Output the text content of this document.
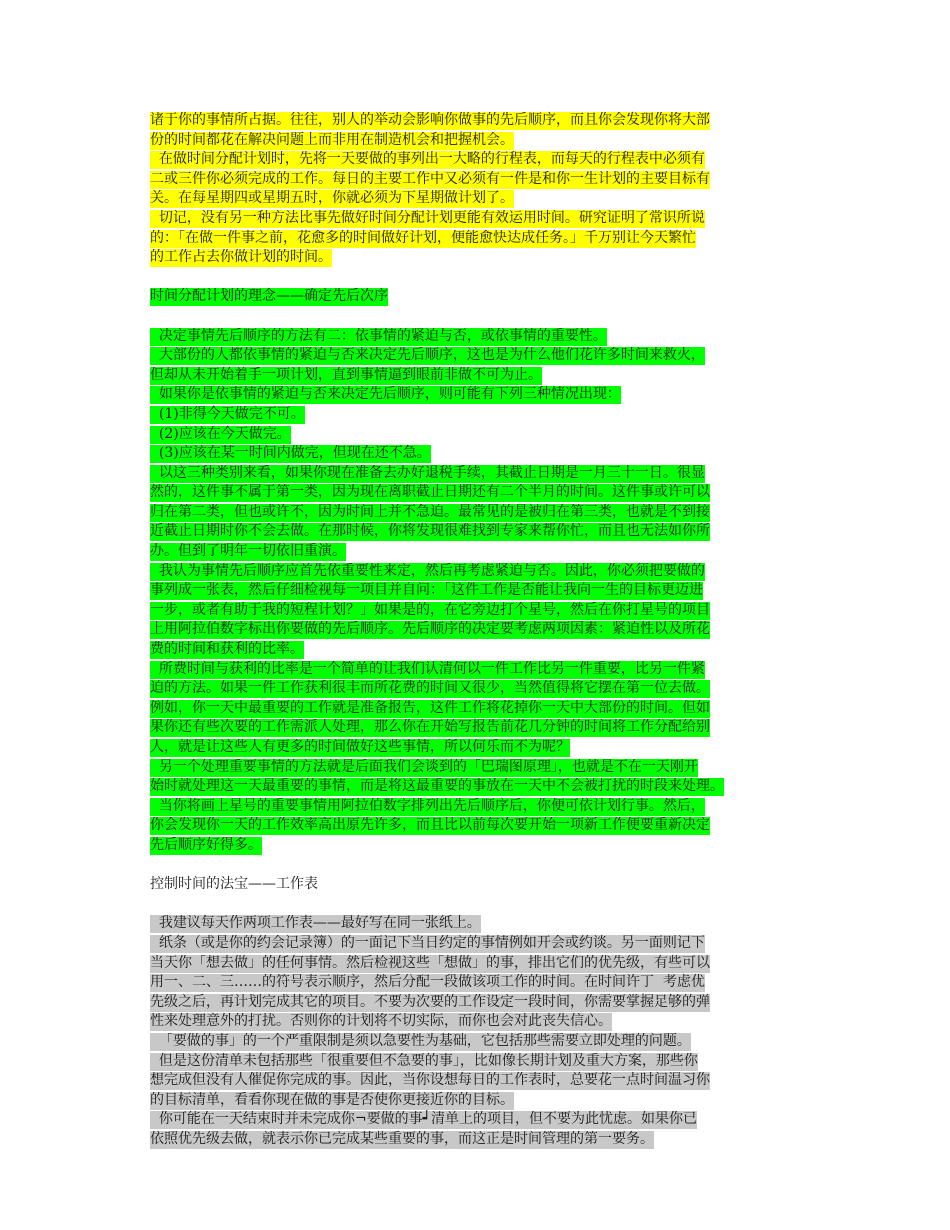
诸于你的事情所占据。往往，别人的举动会影响你做事的先后顺序，而且你会发现你将大部
份的时间都花在解决问题上而非用在制造机会和把握机会。
在做时间分配计划时，先将一天要做的事列出一大略的行程表，而每天的行程表中必须有
二或三件你必须完成的工作。每日的主要工作中又必须有一件是和你一生计划的主要目标有
关。在每星期四或星期五时，你就必须为下星期做计划了。
切记，没有另一种方法比事先做好时间分配计划更能有效运用时间。研究证明了常识所说
的：「在做一件事之前，花愈多的时间做好计划，便能愈快达成任务。」千万别让今天繁忙
的工作占去你做计划的时间。
时间分配计划的理念——确定先后次序
决定事情先后顺序的方法有二：依事情的紧迫与否，或依事情的重要性。
大部份的人都依事情的紧迫与否来决定先后顺序，这也是为什么他们花许多时间来救火，
但却从未开始着手一项计划，直到事情逼到眼前非做不可为止。
如果你是依事情的紧迫与否来决定先后顺序，则可能有下列三种情况出现：
(1)非得今天做完不可。
(2)应该在今天做完。
(3)应该在某一时间内做完，但现在还不急。
以这三种类别来看，如果你现在准备去办好退税手续，其截止日期是一月三十一日。很显
然的，这件事不属于第一类，因为现在离职截止日期还有二个半月的时间。这件事或许可以
归在第二类，但也或许不，因为时间上并不急迫。最常见的是被归在第三类，也就是不到接
近截止日期时你不会去做。在那时候，你将发现很难找到专家来帮你忙，而且也无法如你所
办。但到了明年一切依旧重演。
我认为事情先后顺序应首先依重要性来定，然后再考虑紧迫与否。因此，你必须把要做的
事列成一张表，然后仔细检视每一项目并自问：「这件工作是否能让我向一生的目标更迈进
一步，或者有助于我的短程计划？」如果是的，在它旁边打个星号，然后在你打星号的项目
上用阿拉伯数字标出你要做的先后顺序。先后顺序的决定要考虑两项因素：紧迫性以及所花
费的时间和获利的比率。
所费时间与获利的比率是一个简单的让我们认清何以一件工作比另一件重要，比另一件紧
迫的方法。如果一件工作获利很丰而所花费的时间又很少，当然值得将它摆在第一位去做。
例如，你一天中最重要的工作就是准备报告，这件工作将花掉你一天中大部份的时间。但如
果你还有些次要的工作需派人处理，那么你在开始写报告前花几分钟的时间将工作分配给别
人，就是让这些人有更多的时间做好这些事情，所以何乐而不为呢？
另一个处理重要事情的方法就是后面我们会谈到的「巴瑞图原理」，也就是不在一天刚开
始时就处理这一天最重要的事情，而是将这最重要的事放在一天中不会被打扰的时段来处理。
当你将画上星号的重要事情用阿拉伯数字排列出先后顺序后，你便可依计划行事。然后，
你会发现你一天的工作效率高出原先许多，而且比以前每次要开始一项新工作便要重新决定
先后顺序好得多。
控制时间的法宝——工作表
我建议每天作两项工作表——最好写在同一张纸上。
纸条（或是你的约会记录簿）的一面记下当日约定的事情例如开会或约谈。另一面则记下
当天你「想去做」的任何事情。然后检视这些「想做」的事，排出它们的优先级，有些可以
用一、二、三……的符号表示顺序，然后分配一段做该项工作的时间。在时间许丁  考虑优
先级之后，再计划完成其它的项目。不要为次要的工作设定一段时间，你需要掌握足够的弹
性来处理意外的打扰。否则你的计划将不切实际，而你也会对此丧失信心。
「要做的事」的一个严重限制是须以急要性为基础，它包括那些需要立即处理的问题。
但是这份清单未包括那些「很重要但不急要的事」，比如像长期计划及重大方案，那些你
想完成但没有人催促你完成的事。因此，当你设想每日的工作表时，总要花一点时间温习你
的目标清单，看看你现在做的事是否使你更接近你的目标。
你可能在一天结束时并未完成你¬要做的事┙清单上的项目，但不要为此忧虑。如果你已
依照优先级去做，就表示你已完成某些重要的事，而这正是时间管理的第一要务。
